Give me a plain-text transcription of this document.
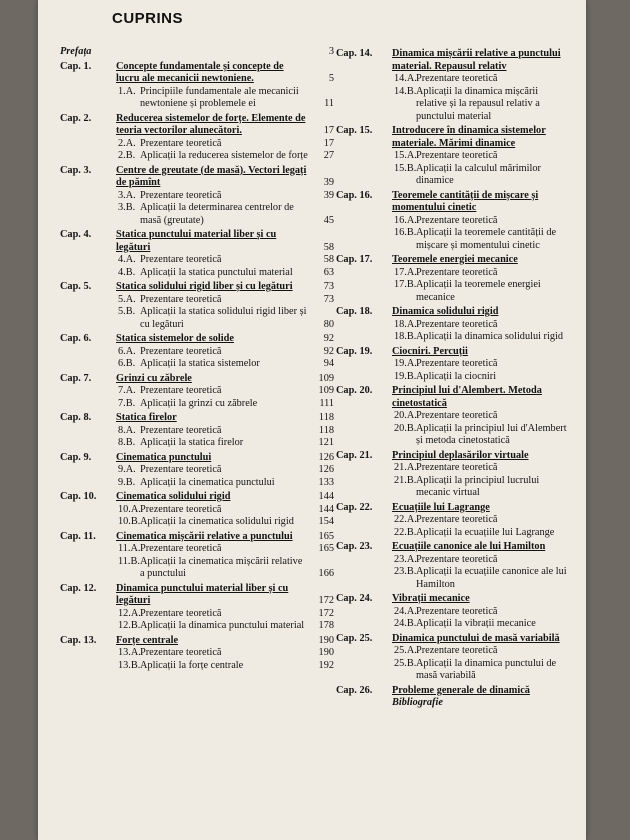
CUPRINS
Prefața
	3
Cap. 1. Concepte fundamentale și concepte de lucru ale mecanicii newtoniene.	5
1.A. Principiile fundamentale ale mecanicii newtoniene și problemele ei	11
Cap. 2. Reducerea sistemelor de forțe. Elemente de teoria vectorilor alunecători.	17
2.A. Prezentare teoretică	17
2.B. Aplicații la reducerea sistemelor de forțe 27
Cap. 3. Centre de greutate (de masă). Vectori legați de pămînt	39
3.A. Prezentare teoretică	39
3.B. Aplicații la determinarea centrelor de masă (greutate)	45
Cap. 4. Statica punctului material liber și cu legături	58
4.A. Prezentare teoretică	58
4.B. Aplicații la statica punctului material	63
Cap. 5. Statica solidului rigid liber și cu legături	73
5.A. Prezentare teoretică	73
5.B. Aplicații la statica solidului rigid liber și cu legături	80
Cap. 6. Statica sistemelor de solide	92
6.A. Prezentare teoretică	92
6.B. Aplicații la statica sistemelor	94
Cap. 7. Grinzi cu zăbrele	109
7.A. Prezentare teoretică	109
7.B. Aplicații la grinzi cu zăbrele	111
Cap. 8. Statica firelor	118
8.A. Prezentare teoretică	118
8.B. Aplicații la statica firelor	121
Cap. 9. Cinematica punctului	126
9.A. Prezentare teoretică	126
9.B. Aplicații la cinematica punctului	133
Cap. 10. Cinematica solidului rigid	144
10.A. Prezentare teoretică	144
10.B. Aplicații la cinematica solidului rigid	154
Cap. 11. Cinematica mișcării relative a punctului	165
11.A. Prezentare teoretică	165
11.B. Aplicații la cinematica mișcării relative a punctului	166
Cap. 12. Dinamica punctului material liber și cu legături	172
12.A. Prezentare teoretică	172
12.B. Aplicații la dinamica punctului material	178
Cap. 13. Forțe centrale	190
13.A. Prezentare teoretică	190
13.B. Aplicații la forțe centrale	192
Cap. 14. Dinamica mișcării relative a punctului material. Repausul relativ
14.A. Prezentare teoretică
14.B. Aplicații la dinamica mișcării relative și la repausul relativ a punctului material
Cap. 15. Introducere în dinamica sistemelor materiale. Mărimi dinamice
15.A. Prezentare teoretică
15.B. Aplicații la calculul mărimilor dinamice
Cap. 16. Teoremele cantității de mișcare și momentului cinetic
16.A. Prezentare teoretică
16.B. Aplicații la teoremele cantității de mișcare și momentului cinetic
Cap. 17. Teoremele energiei mecanice
17.A. Prezentare teoretică
17.B. Aplicații la teoremele energiei mecanice
Cap. 18. Dinamica solidului rigid
18.A. Prezentare teoretică
18.B. Aplicații la dinamica solidului rigid
Cap. 19. Ciocniri. Percuții
19.A. Prezentare teoretică
19.B. Aplicații la ciocniri
Cap. 20. Principiul lui d'Alembert. Metoda cinetostatică
20.A. Prezentare teoretică
20.B. Aplicații la principiul lui d'Alembert și metoda cinetostatică
Cap. 21. Principiul deplasărilor virtuale
21.A. Prezentare teoretică
21.B. Aplicații la principiul lucrului mecanic virtual
Cap. 22. Ecuațiile lui Lagrange
22.A. Prezentare teoretică
22.B. Aplicații la ecuațiile lui Lagrange
Cap. 23. Ecuațiile canonice ale lui Hamilton
23.A. Prezentare teoretică
23.B. Aplicații la ecuațiile canonice ale lui Hamilton
Cap. 24. Vibrații mecanice
24.A. Prezentare teoretică
24.B. Aplicații la vibrații mecanice
Cap. 25. Dinamica punctului de masă variabilă
25.A. Prezentare teoretică
25.B. Aplicații la dinamica punctului de masă variabilă
Cap. 26. Probleme generale de dinamică
Bibliografie
